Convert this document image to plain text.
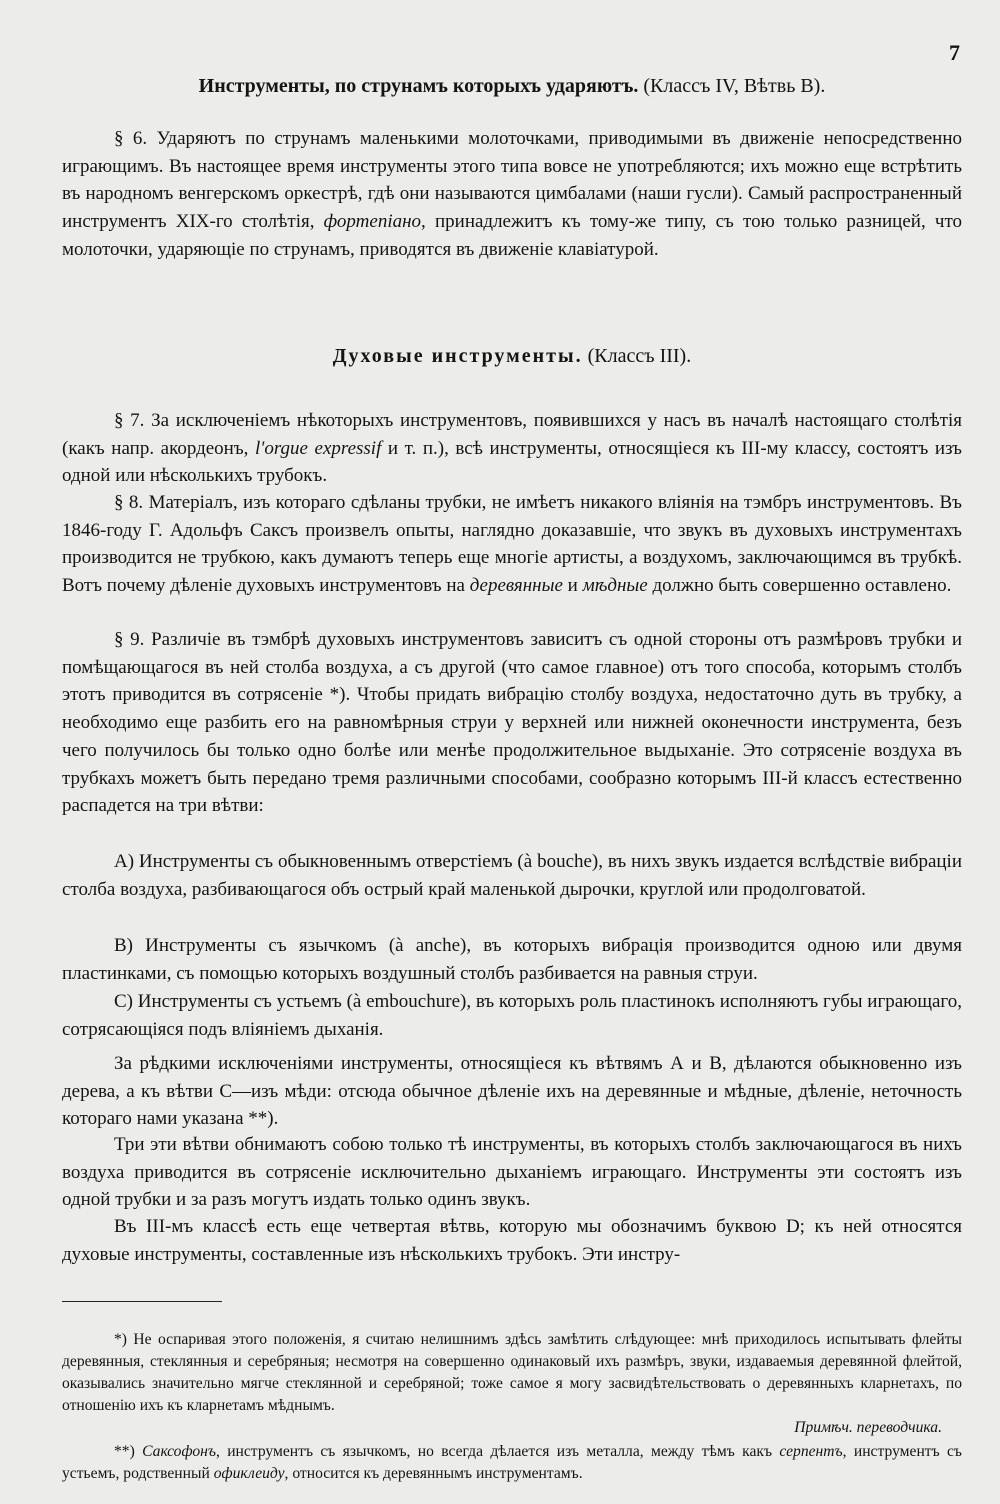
7
Инструменты, по струнамъ которыхъ ударяютъ. (Классъ IV, Вѣтвь В).

§ 6. Ударяютъ по струнамъ маленькими молоточками, приводимыми въ движеніе непосредственно играющимъ. Въ настоящее время инструменты этого типа вовсе не употребляются; ихъ можно еще встрѣтить въ народномъ венгерскомъ оркестрѣ, гдѣ они называются цимбалами (наши гусли). Самый распространенный инструментъ XIX-го столѣтія, фортепіано, принадлежитъ къ тому-же типу, съ тою только разницей, что молоточки, ударяющіе по струнамъ, приводятся въ движеніе клавіатурой.

Духовые инструменты. (Классъ III).

§ 7. За исключеніемъ нѣкоторыхъ инструментовъ, появившихся у насъ въ началѣ настоящаго столѣтія (какъ напр. акордеонъ, l'orgue expressif и т. п.), всѣ инструменты, относящіеся къ III-му классу, состоятъ изъ одной или нѣсколькихъ трубокъ.

§ 8. Матеріалъ, изъ котораго сдѣланы трубки, не имѣетъ никакого вліянія на тэмбръ инструментовъ. Въ 1846-году Г. Адольфъ Саксъ произвелъ опыты, наглядно доказавшіе, что звукъ въ духовыхъ инструментахъ производится не трубкою, какъ думаютъ теперь еще многіе артисты, а воздухомъ, заключающимся въ трубкѣ. Вотъ почему дѣленіе духовыхъ инструментовъ на деревянные и мѣдные должно быть совершенно оставлено.

§ 9. Различіе въ тэмбрѣ духовыхъ инструментовъ зависитъ съ одной стороны отъ размѣровъ трубки и помѣщающагося въ ней столба воздуха, а съ другой (что самое главное) отъ того способа, которымъ столбъ этотъ приводится въ сотрясеніе *). Чтобы придать вибрацію столбу воздуха, недостаточно дуть въ трубку, а необходимо еще разбить его на равномѣрныя струи у верхней или нижней оконечности инструмента, безъ чего получилось бы только одно болѣе или менѣе продолжительное выдыханіе. Это сотрясеніе воздуха въ трубкахъ можетъ быть передано тремя различными способами, сообразно которымъ III-й классъ естественно распадется на три вѣтви:

А) Инструменты съ обыкновеннымъ отверстіемъ (à bouche), въ нихъ звукъ издается вслѣдствіе вибраціи столба воздуха, разбивающагося объ острый край маленькой дырочки, круглой или продолговатой.

В) Инструменты съ язычкомъ (à anche), въ которыхъ вибрація производится одною или двумя пластинками, съ помощью которыхъ воздушный столбъ разбивается на равныя струи.

С) Инструменты съ устьемъ (à embouchure), въ которыхъ роль пластинокъ исполняютъ губы играющаго, сотрясающіяся подъ вліяніемъ дыханія.

За рѣдкими исключеніями инструменты, относящіеся къ вѣтвямъ А и В, дѣлаются обыкновенно изъ дерева, а къ вѣтви С—изъ мѣди: отсюда обычное дѣленіе ихъ на деревянные и мѣдные, дѣленіе, неточность котораго нами указана **).

Три эти вѣтви обнимаютъ собою только тѣ инструменты, въ которыхъ столбъ заключающагося въ нихъ воздуха приводится въ сотрясеніе исключительно дыханіемъ играющаго. Инструменты эти состоятъ изъ одной трубки и за разъ могутъ издать только одинъ звукъ.

Въ III-мъ классѣ есть еще четвертая вѣтвь, которую мы обозначимъ буквою D; къ ней относятся духовые инструменты, составленные изъ нѣсколькихъ трубокъ. Эти инстру-

*) Не оспаривая этого положенія, я считаю нелишнимъ здѣсь замѣтить слѣдующее: мнѣ приходилось испытывать флейты деревянныя, стеклянныя и серебряныя; несмотря на совершенно одинаковый ихъ размѣръ, звуки, издаваемыя деревянной флейтой, оказывались значительно мягче стеклянной и серебряной; тоже самое я могу засвидѣтельствовать о деревянныхъ кларнетахъ, по отношенію ихъ къ кларнетамъ мѣднымъ.

Примѣч. переводчика.

**) Саксофонъ, инструментъ съ язычкомъ, но всегда дѣлается изъ металла, между тѣмъ какъ серпентъ, инструментъ съ устьемъ, родственный офиклеиду, относится къ деревяннымъ инструментамъ.
